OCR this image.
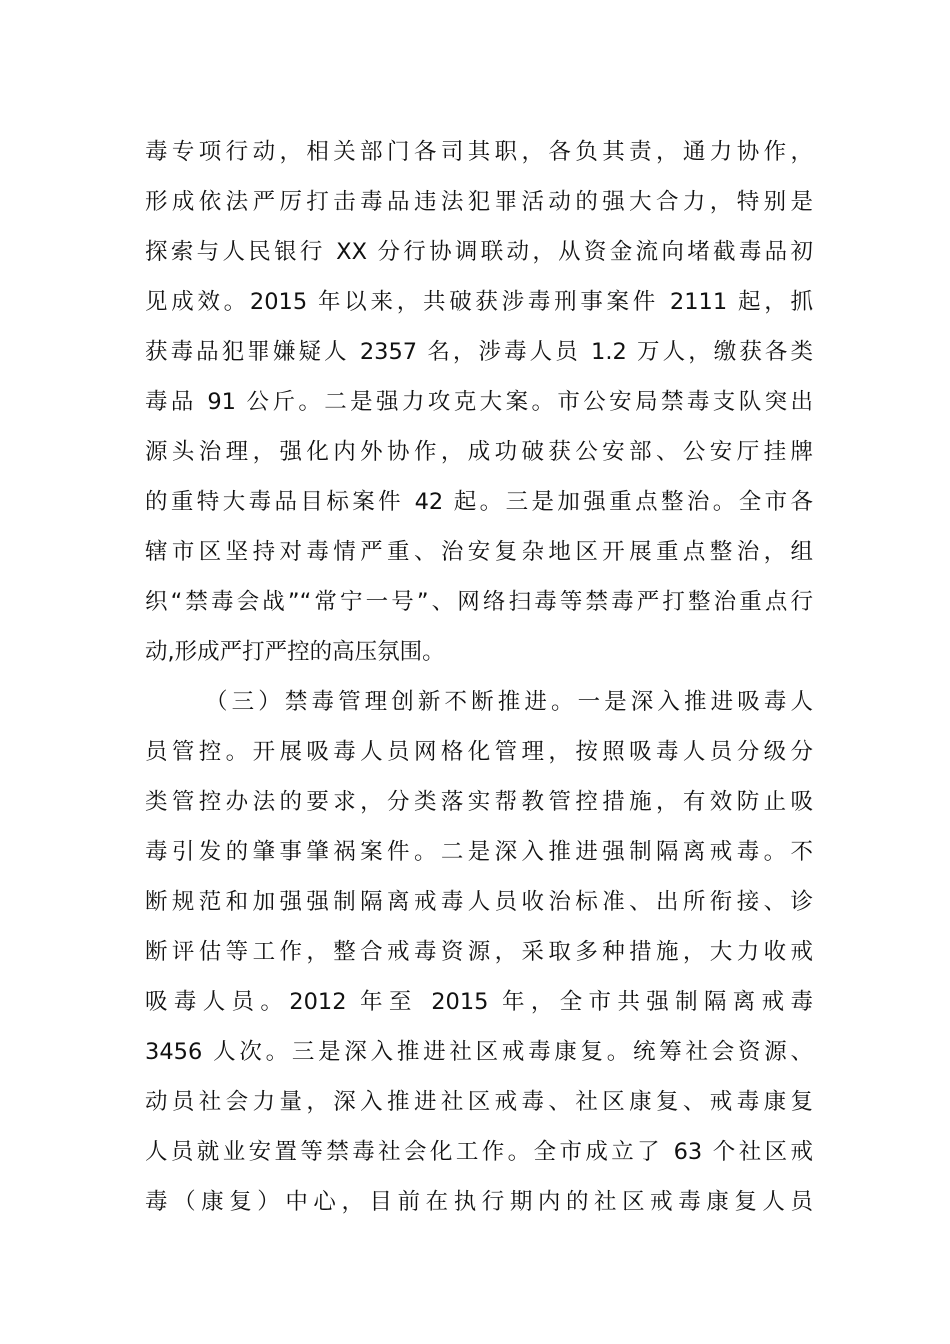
毒专项行动，相关部门各司其职，各负其责，通力协作，
形成依法严厉打击毒品违法犯罪活动的强大合力，特别是
探索与人民银行 XX 分行协调联动，从资金流向堵截毒品初
见成效。2015 年以来，共破获涉毒刑事案件 2111 起，抓
获毒品犯罪嫌疑人 2357 名，涉毒人员 1.2 万人，缴获各类
毒品 91 公斤。二是强力攻克大案。市公安局禁毒支队突出
源头治理，强化内外协作，成功破获公安部、公安厅挂牌
的重特大毒品目标案件 42 起。三是加强重点整治。全市各
辖市区坚持对毒情严重、治安复杂地区开展重点整治，组
织“禁毒会战”“常宁一号”、网络扫毒等禁毒严打整治重点行
动,形成严打严控的高压氛围。
（三）禁毒管理创新不断推进。一是深入推进吸毒人
员管控。开展吸毒人员网格化管理，按照吸毒人员分级分
类管控办法的要求，分类落实帮教管控措施，有效防止吸
毒引发的肇事肇祸案件。二是深入推进强制隔离戒毒。不
断规范和加强强制隔离戒毒人员收治标准、出所衔接、诊
断评估等工作，整合戒毒资源，采取多种措施，大力收戒
吸毒人员。2012 年至 2015 年，全市共强制隔离戒毒
3456 人次。三是深入推进社区戒毒康复。统筹社会资源、
动员社会力量，深入推进社区戒毒、社区康复、戒毒康复
人员就业安置等禁毒社会化工作。全市成立了 63 个社区戒
毒（康复）中心，目前在执行期内的社区戒毒康复人员
